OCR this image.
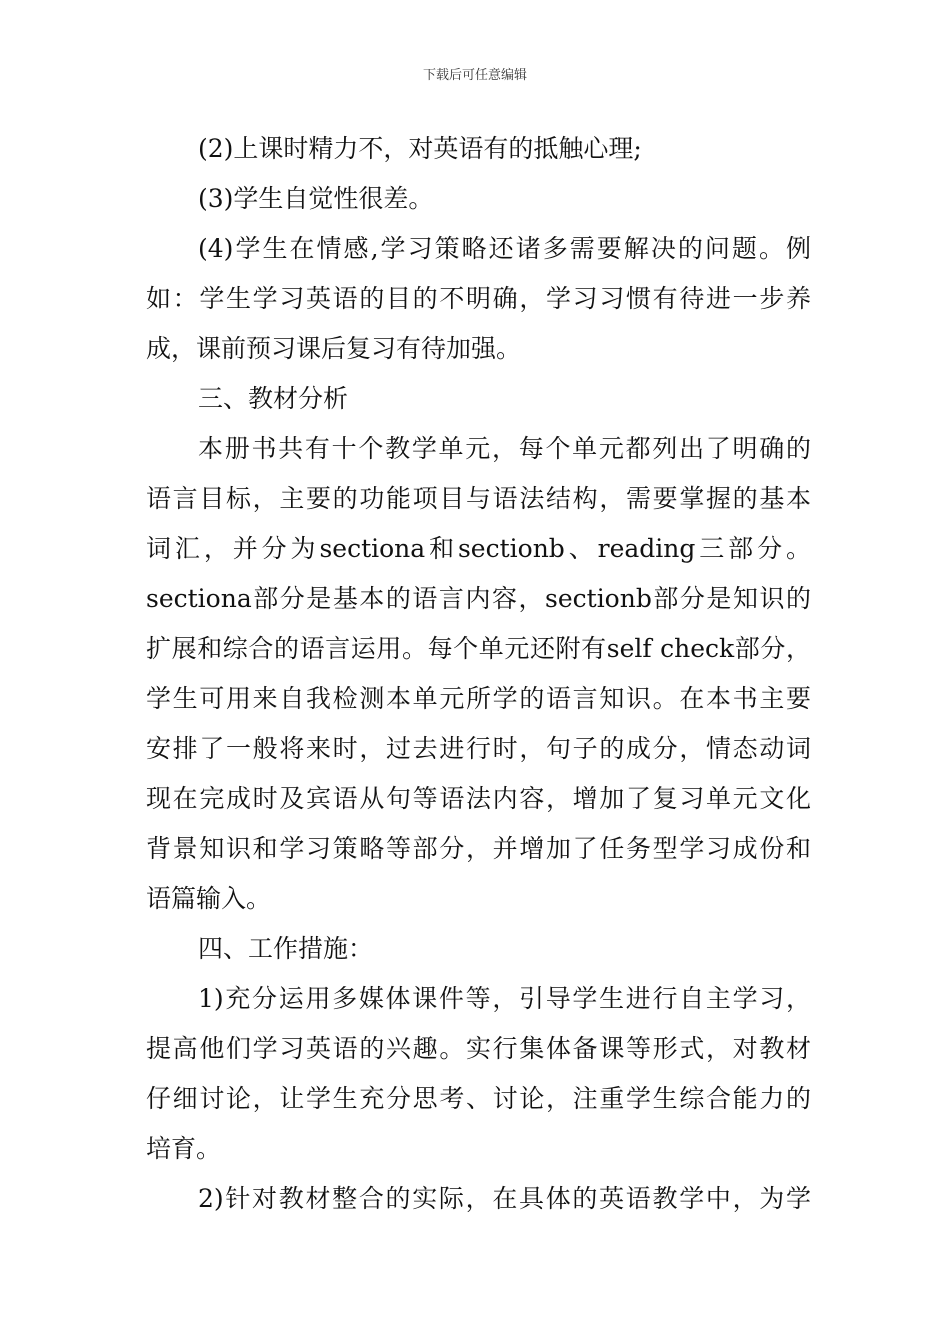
下载后可任意编辑
(2)上课时精力不，对英语有的抵触心理;
(3)学生自觉性很差。
(4)学生在情感,学习策略还诸多需要解决的问题。例
如：学生学习英语的目的不明确，学习习惯有待进一步养
成，课前预习课后复习有待加强。
三、教材分析
本册书共有十个教学单元，每个单元都列出了明确的
语言目标，主要的功能项目与语法结构，需要掌握的基本
词汇，并分为sectiona和sectionb、reading三部分。
sectiona部分是基本的语言内容，sectionb部分是知识的
扩展和综合的语言运用。每个单元还附有self check部分，
学生可用来自我检测本单元所学的语言知识。在本书主要
安排了一般将来时，过去进行时，句子的成分，情态动词
现在完成时及宾语从句等语法内容，增加了复习单元文化
背景知识和学习策略等部分，并增加了任务型学习成份和
语篇输入。
四、工作措施：
1)充分运用多媒体课件等，引导学生进行自主学习，
提高他们学习英语的兴趣。实行集体备课等形式，对教材
仔细讨论，让学生充分思考、讨论，注重学生综合能力的
培育。
2)针对教材整合的实际，在具体的英语教学中，为学
